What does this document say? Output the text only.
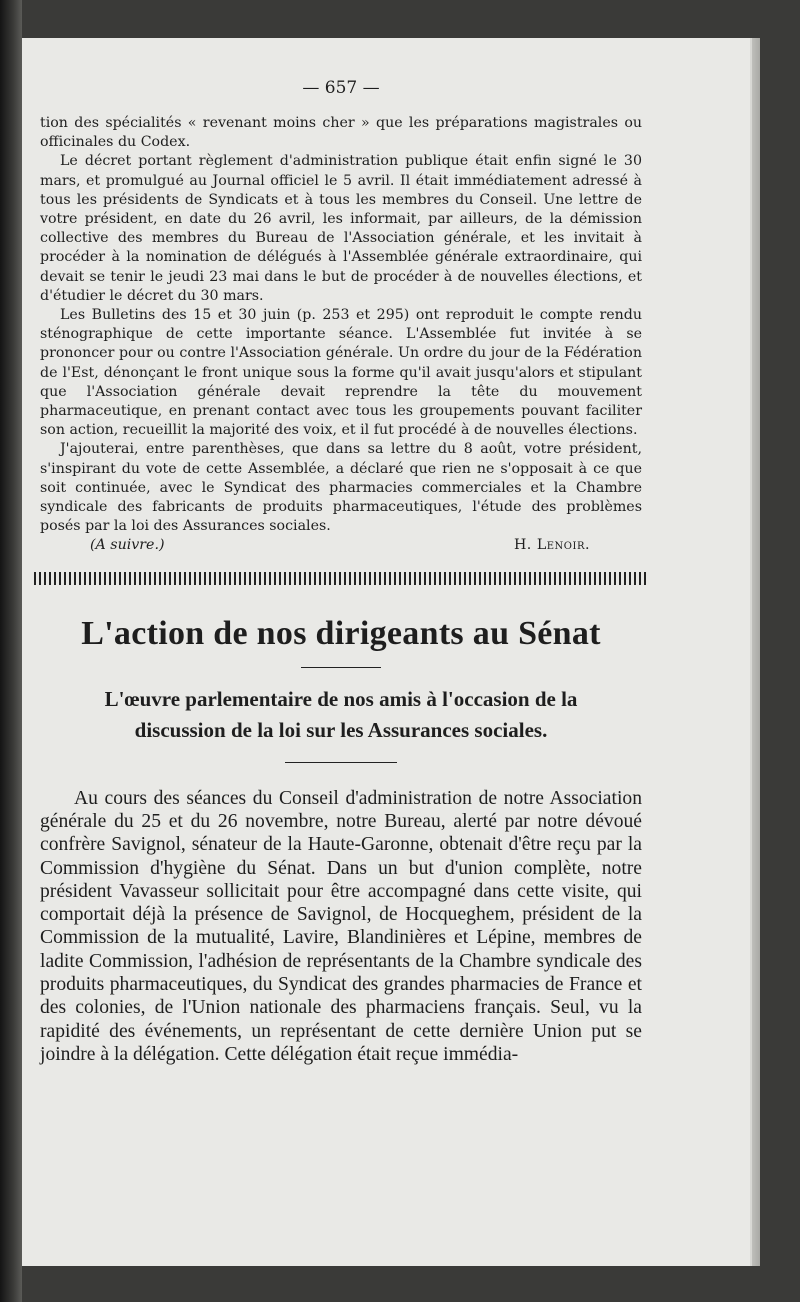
— 657 —

tion des spécialités « revenant moins cher » que les préparations magistrales ou officinales du Codex.

Le décret portant règlement d'administration publique était enfin signé le 30 mars, et promulgué au Journal officiel le 5 avril. Il était immédiatement adressé à tous les présidents de Syndicats et à tous les membres du Conseil. Une lettre de votre président, en date du 26 avril, les informait, par ailleurs, de la démission collective des membres du Bureau de l'Association générale, et les invitait à procéder à la nomination de délégués à l'Assemblée générale extraordinaire, qui devait se tenir le jeudi 23 mai dans le but de procéder à de nouvelles élections, et d'étudier le décret du 30 mars.

Les Bulletins des 15 et 30 juin (p. 253 et 295) ont reproduit le compte rendu sténographique de cette importante séance. L'Assemblée fut invitée à se prononcer pour ou contre l'Association générale. Un ordre du jour de la Fédération de l'Est, dénonçant le front unique sous la forme qu'il avait jusqu'alors et stipulant que l'Association générale devait reprendre la tête du mouvement pharmaceutique, en prenant contact avec tous les groupements pouvant faciliter son action, recueillit la majorité des voix, et il fut procédé à de nouvelles élections.

J'ajouterai, entre parenthèses, que dans sa lettre du 8 août, votre président, s'inspirant du vote de cette Assemblée, a déclaré que rien ne s'opposait à ce que soit continuée, avec le Syndicat des pharmacies commerciales et la Chambre syndicale des fabricants de produits pharmaceutiques, l'étude des problèmes posés par la loi des Assurances sociales.

(A suivre.)	H. Lenoir.
L'action de nos dirigeants au Sénat
L'œuvre parlementaire de nos amis à l'occasion de la discussion de la loi sur les Assurances sociales.

Au cours des séances du Conseil d'administration de notre Association générale du 25 et du 26 novembre, notre Bureau, alerté par notre dévoué confrère Savignol, sénateur de la Haute-Garonne, obtenait d'être reçu par la Commission d'hygiène du Sénat. Dans un but d'union complète, notre président Vavasseur sollicitait pour être accompagné dans cette visite, qui comportait déjà la présence de Savignol, de Hocqueghem, président de la Commission de la mutualité, Lavire, Blandinières et Lépine, membres de ladite Commission, l'adhésion de représentants de la Chambre syndicale des produits pharmaceutiques, du Syndicat des grandes pharmacies de France et des colonies, de l'Union nationale des pharmaciens français. Seul, vu la rapidité des événements, un représentant de cette dernière Union put se joindre à la délégation. Cette délégation était reçue immédia-
